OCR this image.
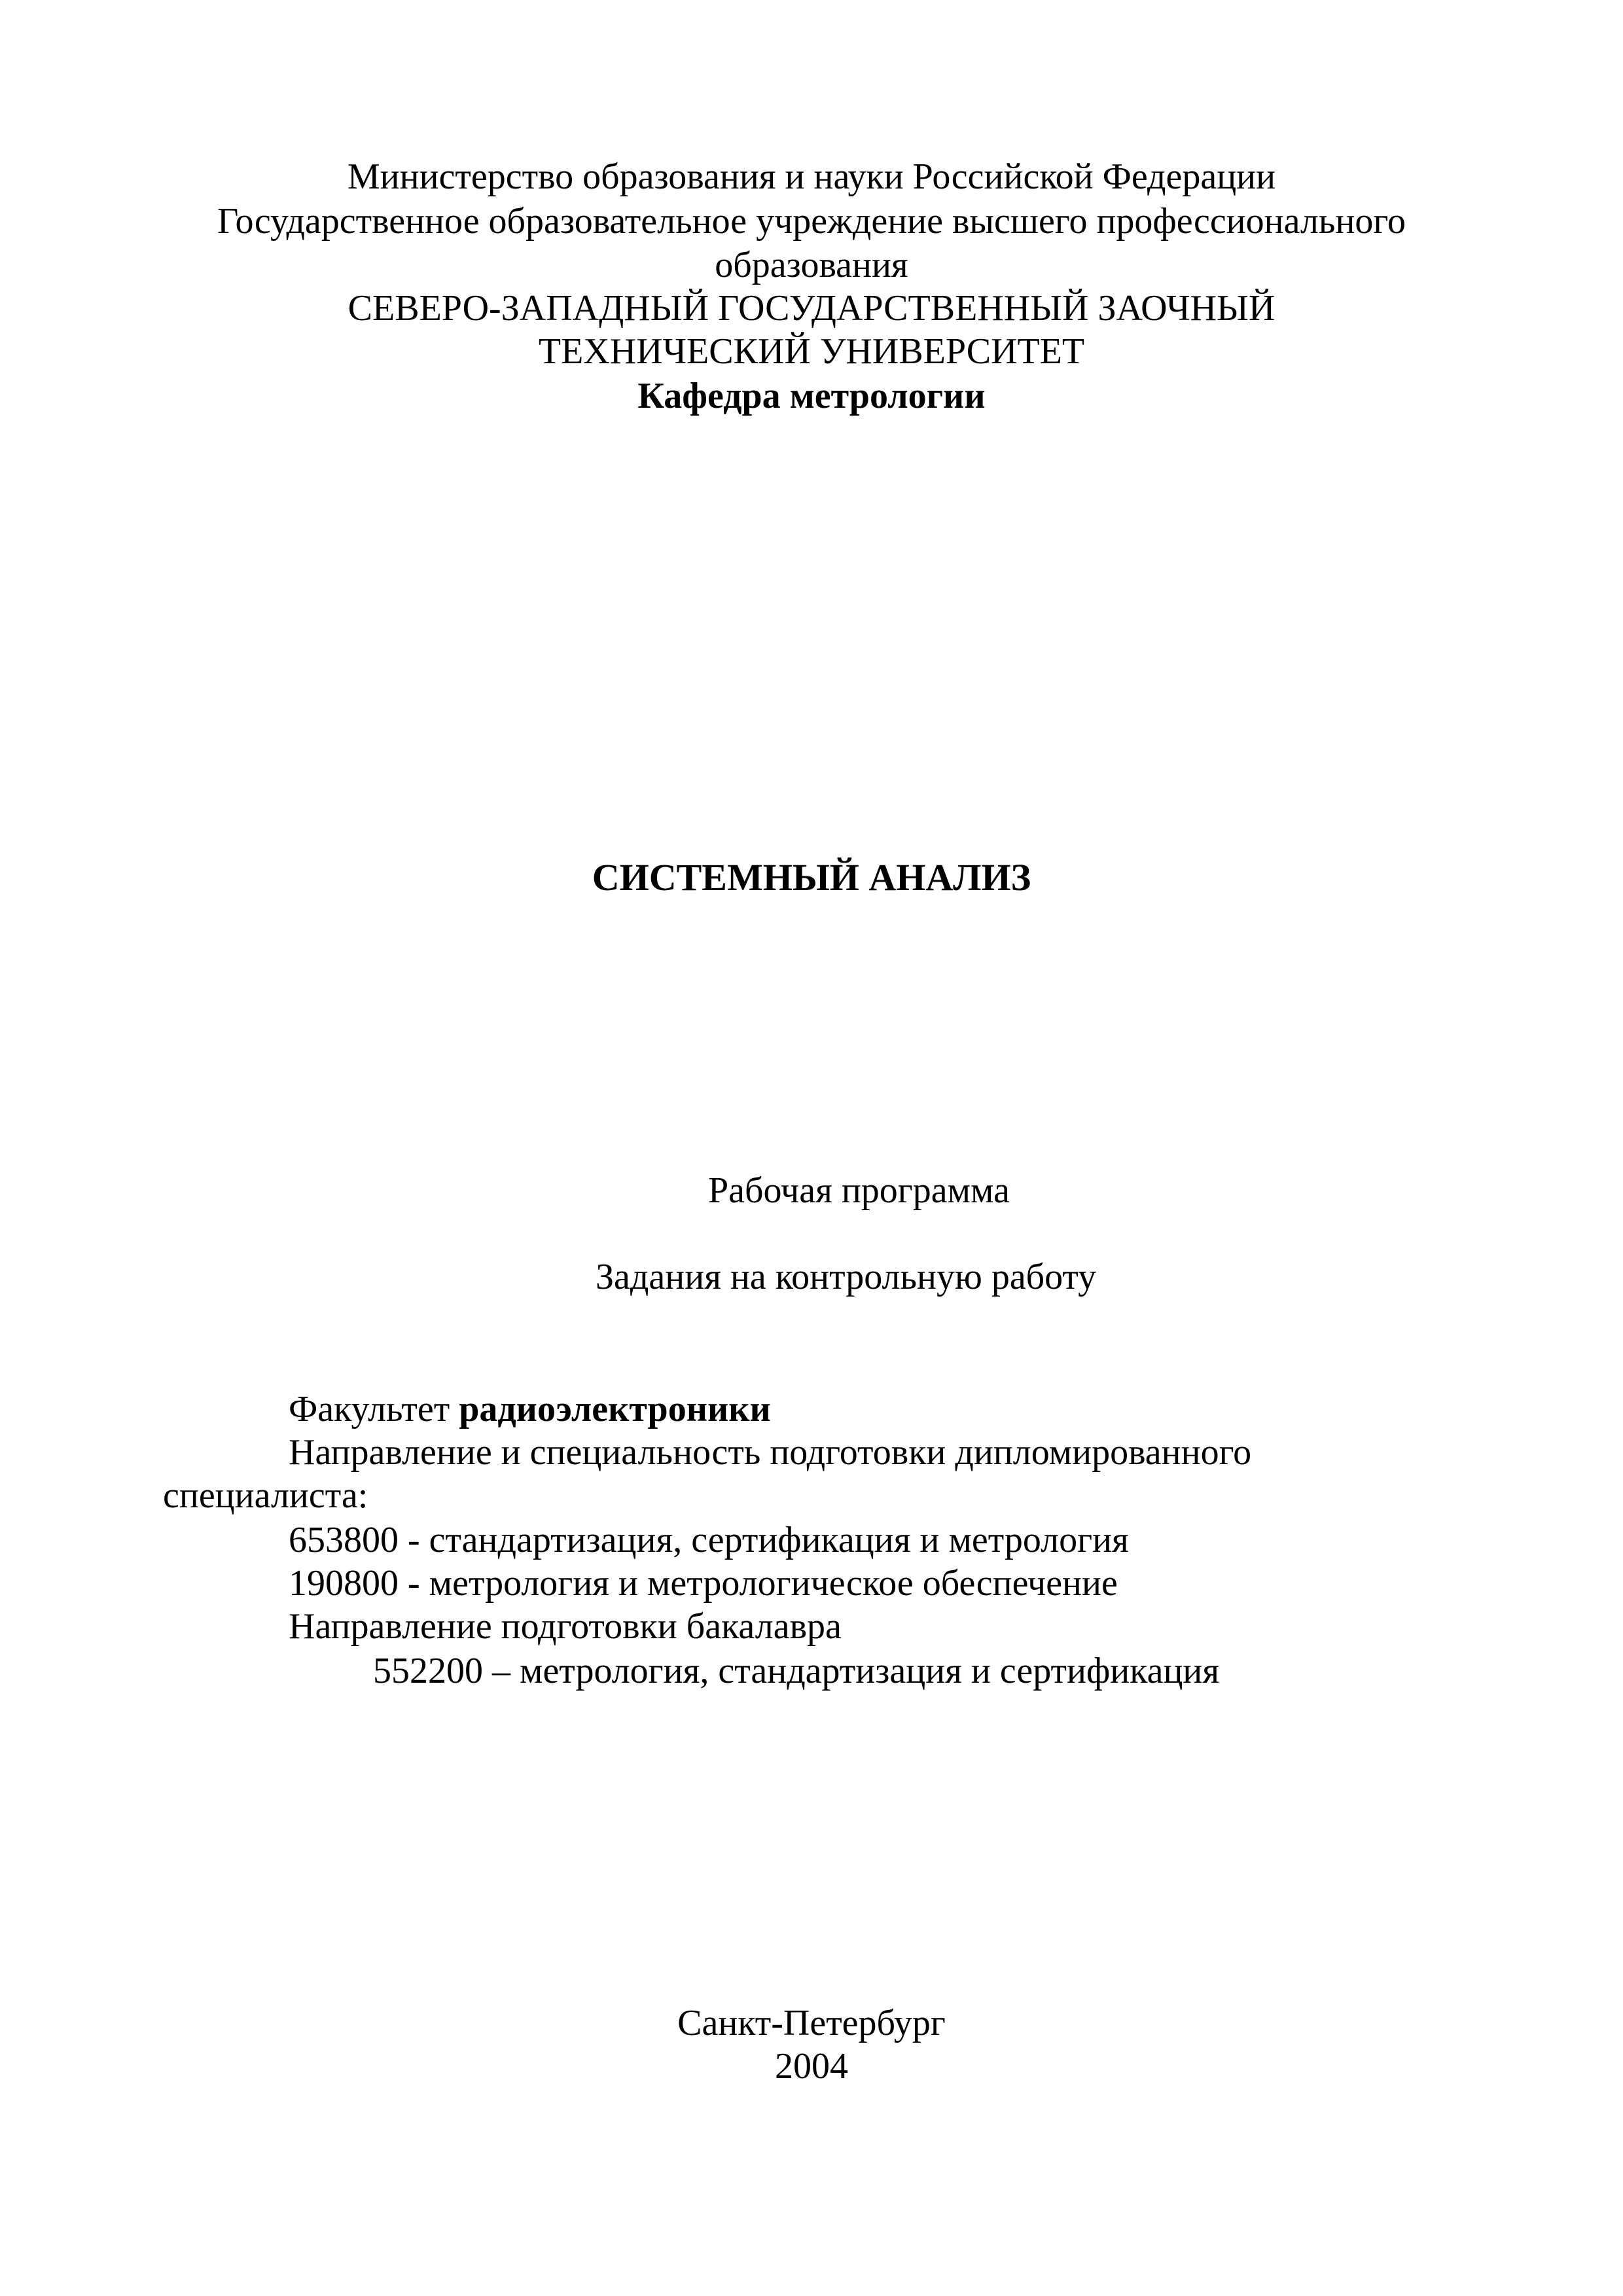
Министерство образования и науки Российской Федерации
Государственное образовательное учреждение высшего профессионального
образования
СЕВЕРО-ЗАПАДНЫЙ ГОСУДАРСТВЕННЫЙ ЗАОЧНЫЙ
ТЕХНИЧЕСКИЙ УНИВЕРСИТЕТ
Кафедра метрологии
СИСТЕМНЫЙ АНАЛИЗ
Рабочая программа
Задания на контрольную работу
Факультет радиоэлектроники
Направление и специальность подготовки дипломированного
специалиста:
653800 - стандартизация, сертификация и метрология
190800 - метрология и метрологическое обеспечение
Направление подготовки бакалавра
552200 – метрология, стандартизация и сертификация
Санкт-Петербург
2004
